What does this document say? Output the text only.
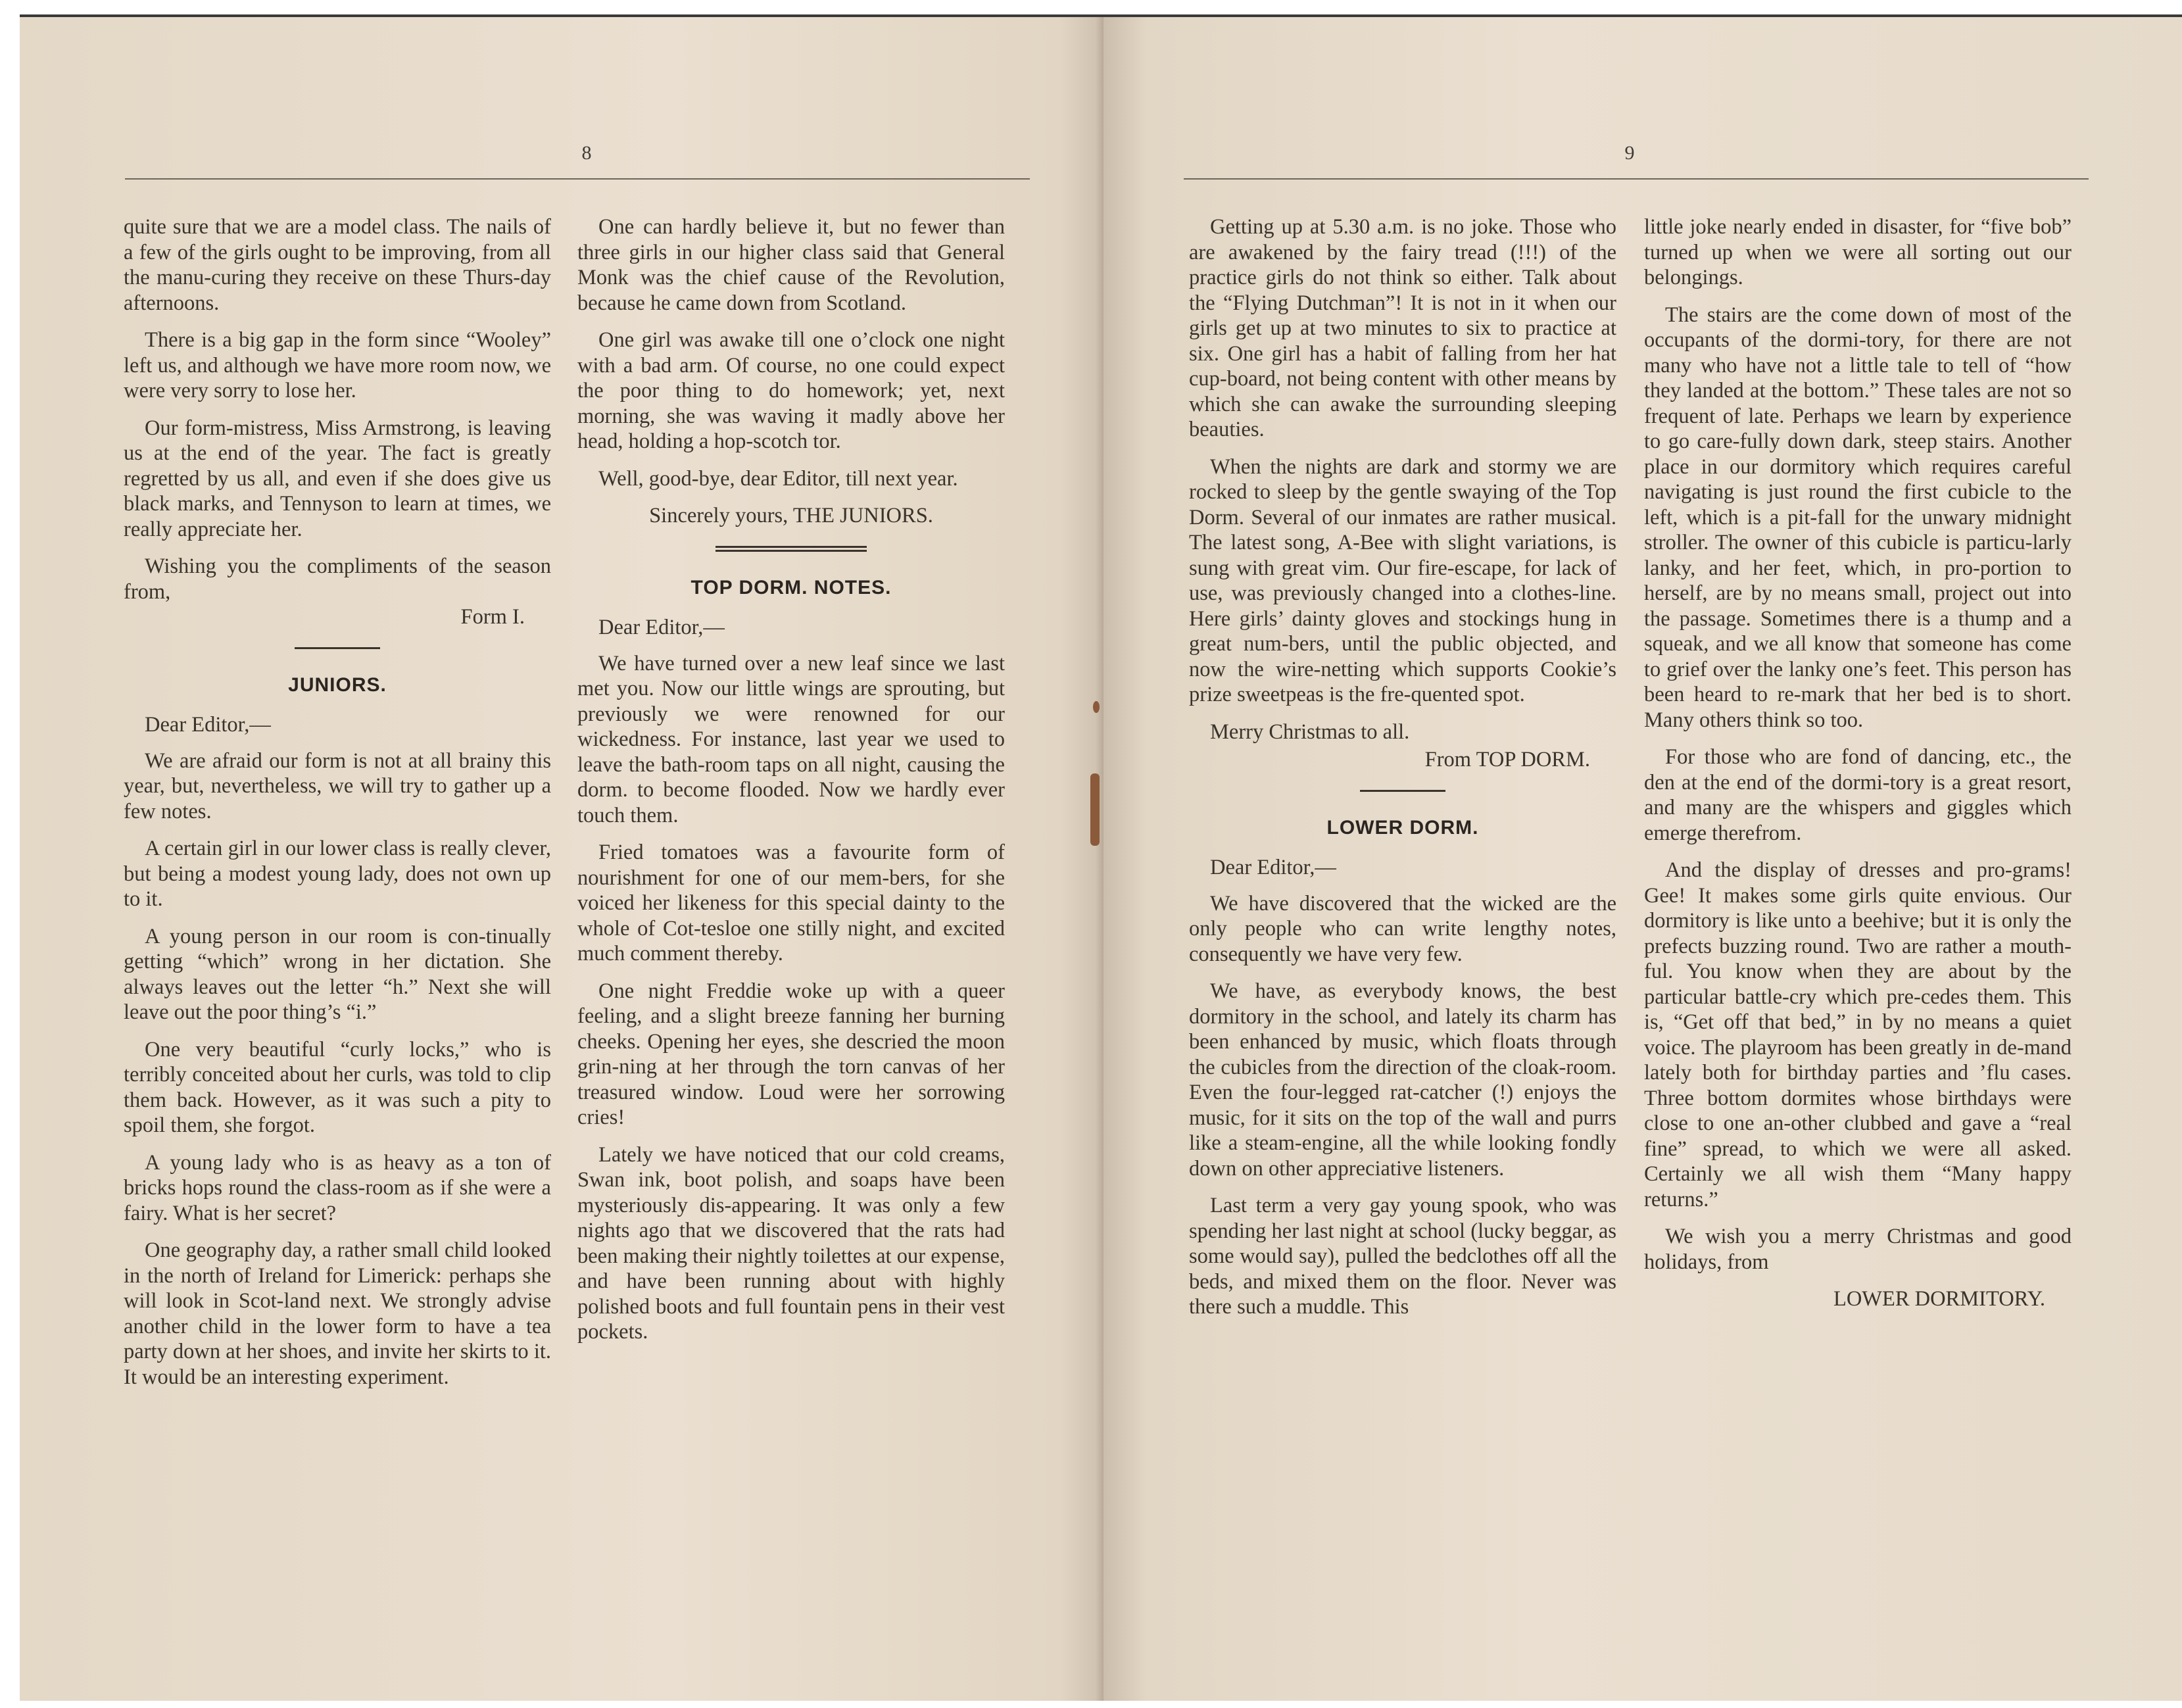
8

quite sure that we are a model class. The nails of a few of the girls ought to be improving, from all the manu-curing they receive on these Thurs-day afternoons.

There is a big gap in the form since “Wooley” left us, and although we have more room now, we were very sorry to lose her.

Our form-mistress, Miss Armstrong, is leaving us at the end of the year. The fact is greatly regretted by us all, and even if she does give us black marks, and Tennyson to learn at times, we really appreciate her.

Wishing you the compliments of the season from,

Form I.

JUNIORS.

Dear Editor,—

We are afraid our form is not at all brainy this year, but, nevertheless, we will try to gather up a few notes.

A certain girl in our lower class is really clever, but being a modest young lady, does not own up to it.

A young person in our room is con-tinually getting “which” wrong in her dictation. She always leaves out the letter “h.” Next she will leave out the poor thing’s “i.”

One very beautiful “curly locks,” who is terribly conceited about her curls, was told to clip them back. However, as it was such a pity to spoil them, she forgot.

A young lady who is as heavy as a ton of bricks hops round the class-room as if she were a fairy. What is her secret?

One geography day, a rather small child looked in the north of Ireland for Limerick: perhaps she will look in Scot-land next. We strongly advise another child in the lower form to have a tea party down at her shoes, and invite her skirts to it. It would be an interesting experiment.

One can hardly believe it, but no fewer than three girls in our higher class said that General Monk was the chief cause of the Revolution, because he came down from Scotland.

One girl was awake till one o’clock one night with a bad arm. Of course, no one could expect the poor thing to do homework; yet, next morning, she was waving it madly above her head, holding a hop-scotch tor.

Well, good-bye, dear Editor, till next year.

Sincerely yours, THE JUNIORS.

TOP DORM. NOTES.

Dear Editor,—

We have turned over a new leaf since we last met you. Now our little wings are sprouting, but previously we were renowned for our wickedness. For instance, last year we used to leave the bath-room taps on all night, causing the dorm. to become flooded. Now we hardly ever touch them.

Fried tomatoes was a favourite form of nourishment for one of our mem-bers, for she voiced her likeness for this special dainty to the whole of Cot-tesloe one stilly night, and excited much comment thereby.

One night Freddie woke up with a queer feeling, and a slight breeze fanning her burning cheeks. Opening her eyes, she descried the moon grin-ning at her through the torn canvas of her treasured window. Loud were her sorrowing cries!

Lately we have noticed that our cold creams, Swan ink, boot polish, and soaps have been mysteriously dis-appearing. It was only a few nights ago that we discovered that the rats had been making their nightly toilettes at our expense, and have been running about with highly polished boots and full fountain pens in their vest pockets.

9

Getting up at 5.30 a.m. is no joke. Those who are awakened by the fairy tread (!!!) of the practice girls do not think so either. Talk about the “Flying Dutchman”! It is not in it when our girls get up at two minutes to six to practice at six. One girl has a habit of falling from her hat cup-board, not being content with other means by which she can awake the surrounding sleeping beauties.

When the nights are dark and stormy we are rocked to sleep by the gentle swaying of the Top Dorm. Several of our inmates are rather musical. The latest song, A-Bee with slight variations, is sung with great vim. Our fire-escape, for lack of use, was previously changed into a clothes-line. Here girls’ dainty gloves and stockings hung in great num-bers, until the public objected, and now the wire-netting which supports Cookie’s prize sweetpeas is the fre-quented spot.

Merry Christmas to all.

From TOP DORM.

LOWER DORM.

Dear Editor,—

We have discovered that the wicked are the only people who can write lengthy notes, consequently we have very few.

We have, as everybody knows, the best dormitory in the school, and lately its charm has been enhanced by music, which floats through the cubicles from the direction of the cloak-room. Even the four-legged rat-catcher (!) enjoys the music, for it sits on the top of the wall and purrs like a steam-engine, all the while looking fondly down on other appreciative listeners.

Last term a very gay young spook, who was spending her last night at school (lucky beggar, as some would say), pulled the bedclothes off all the beds, and mixed them on the floor. Never was there such a muddle. This

little joke nearly ended in disaster, for “five bob” turned up when we were all sorting out our belongings.

The stairs are the come down of most of the occupants of the dormi-tory, for there are not many who have not a little tale to tell of “how they landed at the bottom.” These tales are not so frequent of late. Perhaps we learn by experience to go care-fully down dark, steep stairs. Another place in our dormitory which requires careful navigating is just round the first cubicle to the left, which is a pit-fall for the unwary midnight stroller. The owner of this cubicle is particu-larly lanky, and her feet, which, in pro-portion to herself, are by no means small, project out into the passage. Sometimes there is a thump and a squeak, and we all know that someone has come to grief over the lanky one’s feet. This person has been heard to re-mark that her bed is to short. Many others think so too.

For those who are fond of dancing, etc., the den at the end of the dormi-tory is a great resort, and many are the whispers and giggles which emerge therefrom.

And the display of dresses and pro-grams! Gee! It makes some girls quite envious. Our dormitory is like unto a beehive; but it is only the prefects buzzing round. Two are rather a mouth-ful. You know when they are about by the particular battle-cry which pre-cedes them. This is, “Get off that bed,” in by no means a quiet voice. The playroom has been greatly in de-mand lately both for birthday parties and ’flu cases. Three bottom dormites whose birthdays were close to one an-other clubbed and gave a “real fine” spread, to which we were all asked. Certainly we all wish them “Many happy returns.”

We wish you a merry Christmas and good holidays, from

LOWER DORMITORY.
